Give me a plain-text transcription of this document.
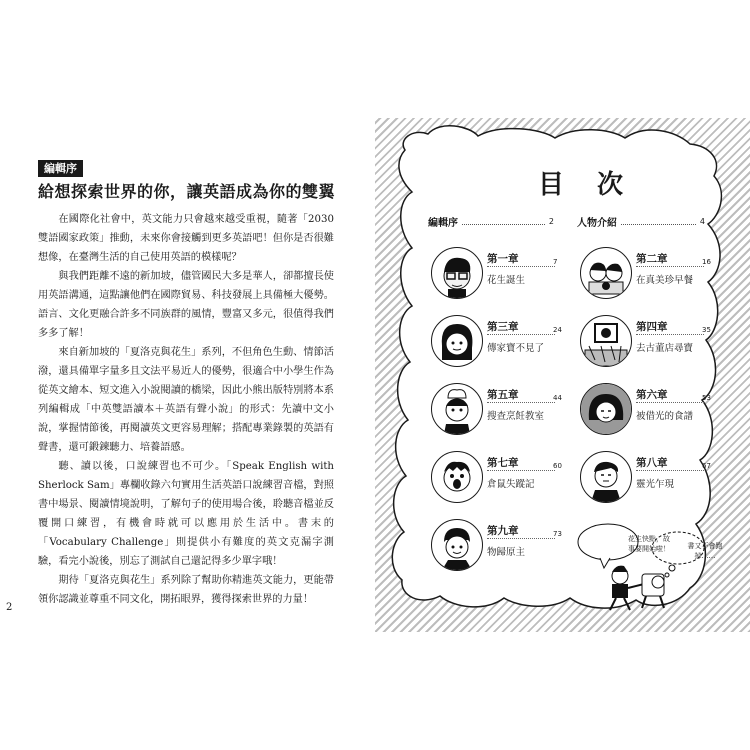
編輯序
給想探索世界的你，讓英語成為你的雙翼

在國際化社會中，英文能力只會越來越受重視，隨著「2030雙語國家政策」推動，未來你會接觸到更多英語吧！但你是否很難想像，在臺灣生活的自己使用英語的模樣呢？

與我們距離不遠的新加坡，儘管國民大多是華人，卻都擅長使用英語溝通，這點讓他們在國際貿易、科技發展上具備極大優勢。語言、文化更融合許多不同族群的風情，豐富又多元，很值得我們多多了解！

來自新加坡的「夏洛克與花生」系列，不但角色生動、情節活潑，還具備單字量多且文法平易近人的優勢，很適合中小學生作為從英文繪本、短文進入小說閱讀的橋梁，因此小熊出版特別將本系列編輯成「中英雙語讀本＋英語有聲小說」的形式：先讀中文小說，掌握情節後，再閱讀英文更容易理解；搭配專業錄製的英語有聲書，還可鍛鍊聽力、培養語感。

聽、讀以後，口說練習也不可少。「Speak English with Sherlock Sam」專欄收錄六句實用生活英語口說練習音檔，對照書中場景、閱讀情境說明，了解句子的使用場合後，聆聽音檔並反覆開口練習，有機會時就可以應用於生活中。書末的「Vocabulary Challenge」則提供小有難度的英文克漏字測驗，看完小說後，別忘了測試自己還記得多少單字哦！

期待「夏洛克與花生」系列除了幫助你精進英文能力，更能帶領你認識並尊重不同文化，開拓眼界，獲得探索世界的力量！

2
目 次
編輯序	2 人物介紹	4
第一章	7
花生誕生
第二章	16
在真美珍早餐
第三章	24
傳家寶不見了
第四章	35
去古董店尋寶
第五章	44
搜查烹飪教室
第六章	53
被借光的食譜
第七章	60
倉鼠失蹤記
第八章	67
靈光乍現
第九章	73
物歸原主
花生快點，故事要開始啦！	書又不會跑掉……
